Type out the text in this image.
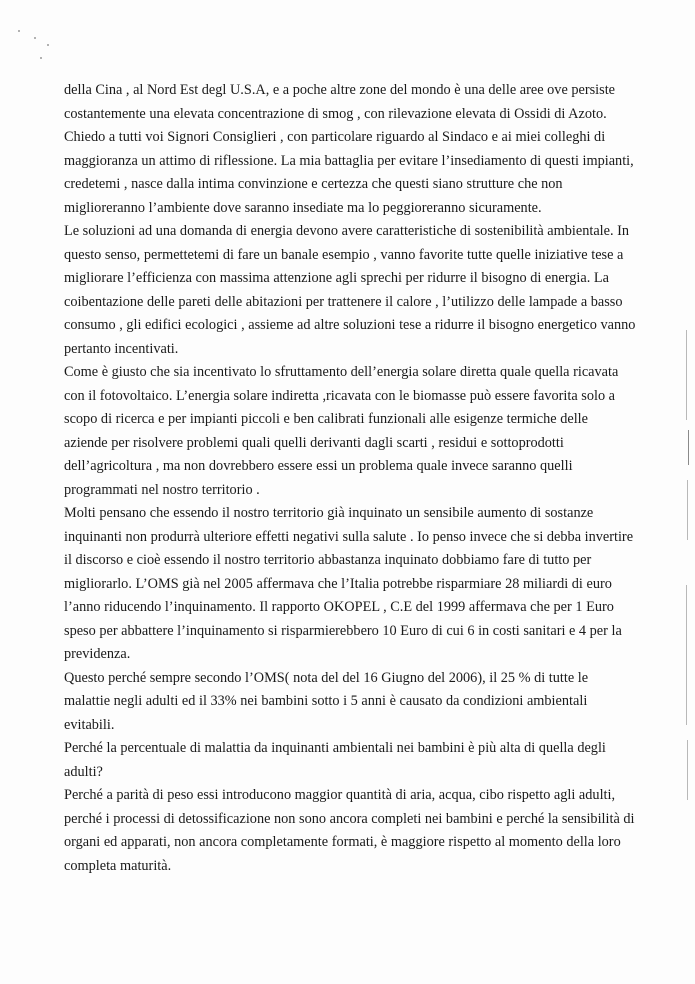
della Cina , al Nord Est degl U.S.A, e a poche altre zone del mondo è una delle aree ove persiste
costantemente una elevata concentrazione di smog , con rilevazione elevata di Ossidi di Azoto.
Chiedo a tutti voi Signori Consiglieri , con particolare riguardo al Sindaco e ai miei colleghi di
maggioranza un attimo di riflessione. La mia battaglia per evitare l’insediamento di questi impianti,
credetemi , nasce dalla intima convinzione e certezza che questi siano strutture che non
miglioreranno l’ambiente dove saranno insediate ma lo peggioreranno sicuramente.
Le soluzioni ad una domanda di energia devono avere caratteristiche di sostenibilità ambientale. In
questo senso, permettetemi di fare un banale esempio , vanno favorite tutte quelle iniziative tese a
migliorare l’efficienza con massima attenzione agli sprechi per ridurre il bisogno di energia. La
coibentazione delle pareti delle abitazioni per trattenere il calore , l’utilizzo delle lampade a basso
consumo , gli edifici ecologici , assieme ad altre soluzioni tese a ridurre il bisogno energetico vanno
pertanto incentivati.
Come è giusto che sia incentivato lo sfruttamento dell’energia solare diretta quale quella ricavata
con il fotovoltaico. L’energia solare indiretta ,ricavata con le biomasse può essere favorita solo a
scopo di ricerca e per impianti piccoli e ben calibrati funzionali alle esigenze termiche delle
aziende per risolvere problemi quali quelli derivanti dagli scarti , residui e sottoprodotti
dell’agricoltura , ma non dovrebbero essere essi un problema quale invece saranno quelli
programmati nel nostro territorio .
Molti pensano che essendo il nostro territorio già inquinato un sensibile aumento di sostanze
inquinanti non produrrà ulteriore effetti negativi sulla salute . Io penso invece che si debba invertire
il discorso e cioè essendo il nostro territorio abbastanza inquinato dobbiamo fare di tutto per
migliorarlo. L’OMS già nel 2005 affermava che l’Italia potrebbe risparmiare 28 miliardi di euro
l’anno riducendo l’inquinamento. Il rapporto OKOPEL , C.E del 1999 affermava che per 1 Euro
speso per abbattere l’inquinamento si risparmierebbero 10 Euro di cui 6 in costi sanitari e 4 per la
previdenza.
Questo perché sempre secondo l’OMS( nota del del 16 Giugno del 2006), il 25 % di tutte le
malattie negli adulti ed il 33% nei bambini sotto i 5 anni è causato da condizioni ambientali
evitabili.
Perché la percentuale di malattia da inquinanti ambientali nei bambini è più alta di quella degli
adulti?
Perché a parità di peso essi introducono maggior quantità di aria, acqua, cibo rispetto agli adulti,
perché i processi di detossificazione non sono ancora completi nei bambini e perché la sensibilità di
organi ed apparati, non ancora completamente formati, è maggiore rispetto al momento della loro
completa maturità.
